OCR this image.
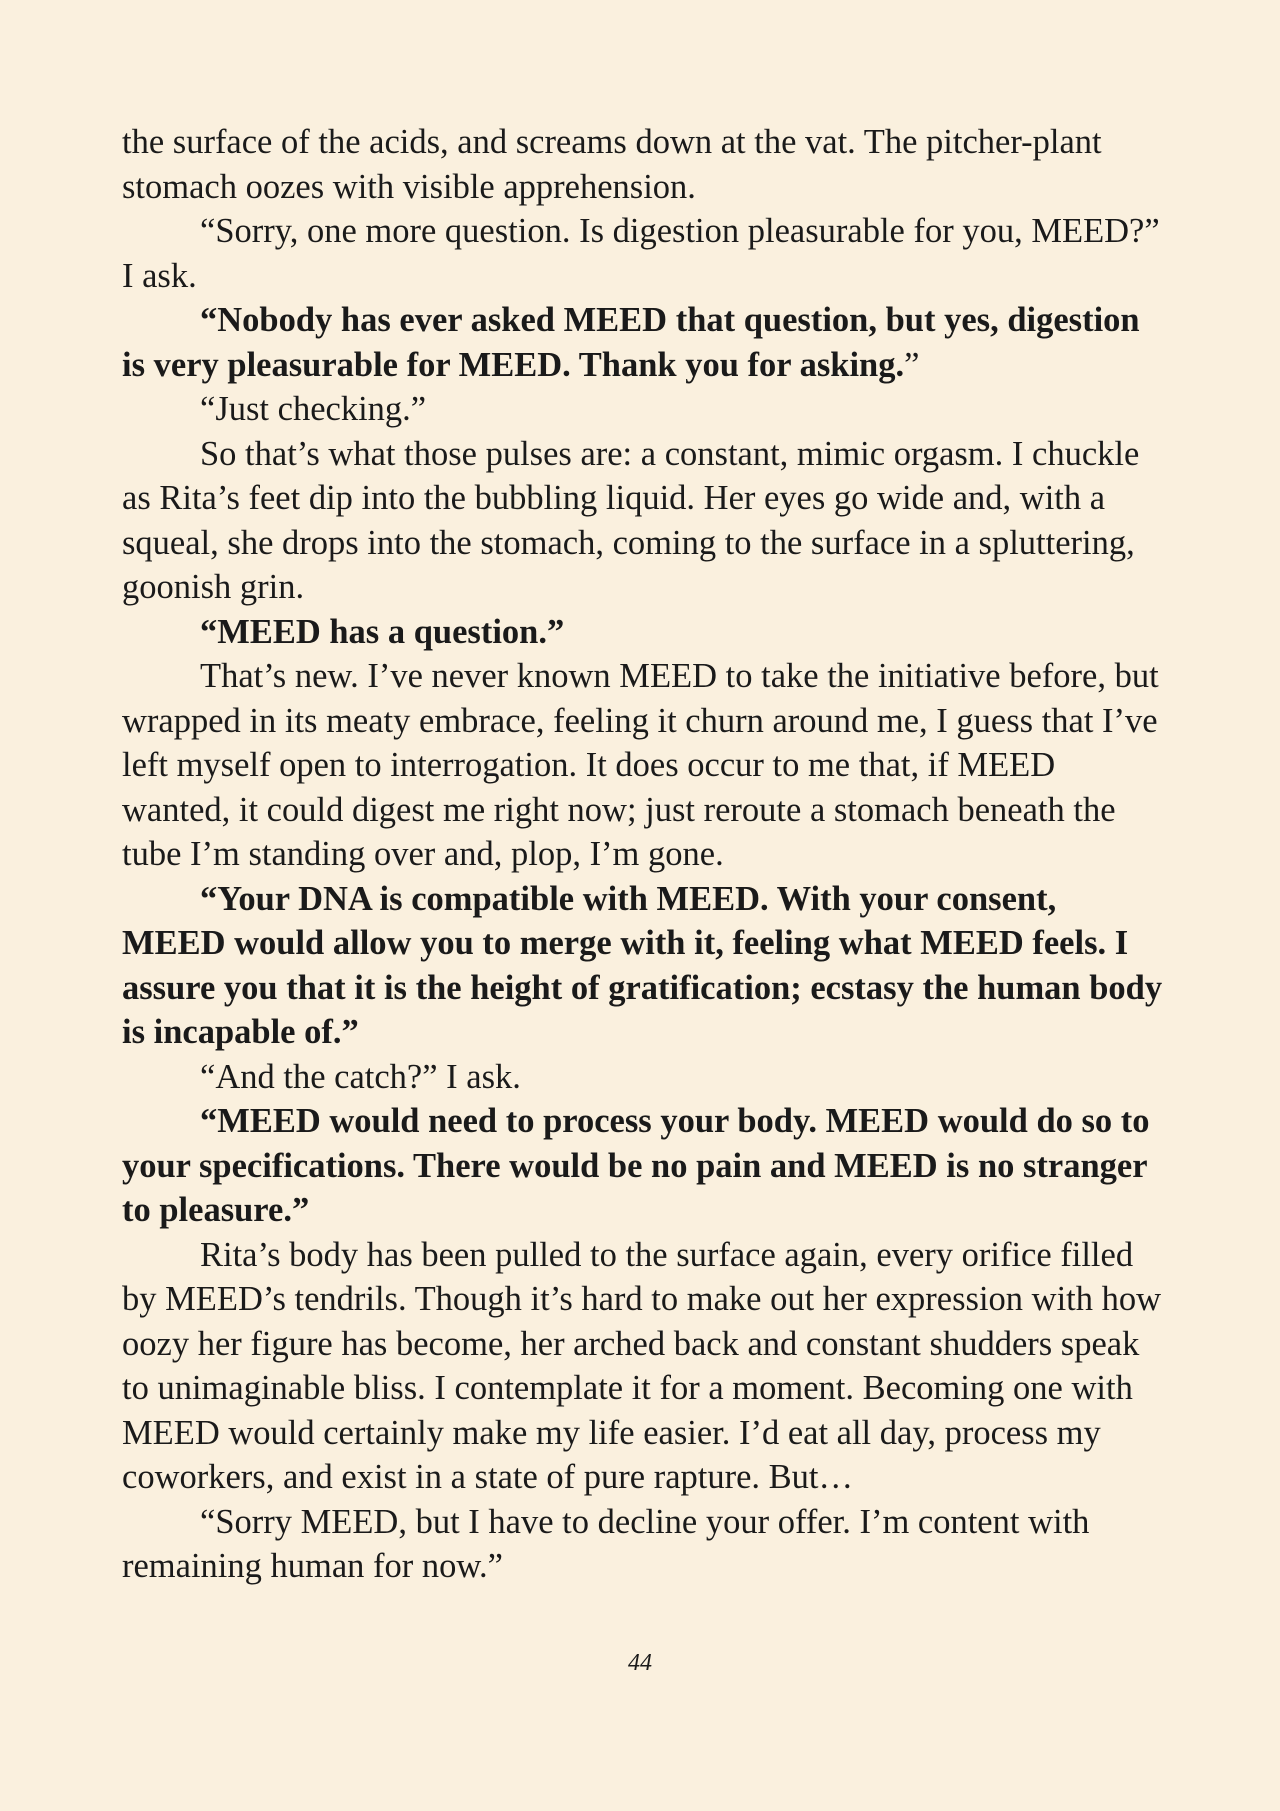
the surface of the acids, and screams down at the vat. The pitcher-plant stomach oozes with visible apprehension.

“Sorry, one more question. Is digestion pleasurable for you, MEED?” I ask.

“Nobody has ever asked MEED that question, but yes, digestion is very pleasurable for MEED. Thank you for asking.”

“Just checking.”

So that’s what those pulses are: a constant, mimic orgasm. I chuckle as Rita’s feet dip into the bubbling liquid. Her eyes go wide and, with a squeal, she drops into the stomach, coming to the surface in a spluttering, goonish grin.

“MEED has a question.”

That’s new. I’ve never known MEED to take the initiative before, but wrapped in its meaty embrace, feeling it churn around me, I guess that I’ve left myself open to interrogation. It does occur to me that, if MEED wanted, it could digest me right now; just reroute a stomach beneath the tube I’m standing over and, plop, I’m gone.

“Your DNA is compatible with MEED. With your consent, MEED would allow you to merge with it, feeling what MEED feels. I assure you that it is the height of gratification; ecstasy the human body is incapable of.”

“And the catch?” I ask.

“MEED would need to process your body. MEED would do so to your specifications. There would be no pain and MEED is no stranger to pleasure.”

Rita’s body has been pulled to the surface again, every orifice filled by MEED’s tendrils. Though it’s hard to make out her expression with how oozy her figure has become, her arched back and constant shudders speak to unimaginable bliss. I contemplate it for a moment. Becoming one with MEED would certainly make my life easier. I’d eat all day, process my coworkers, and exist in a state of pure rapture. But…

“Sorry MEED, but I have to decline your offer. I’m content with remaining human for now.”

44
